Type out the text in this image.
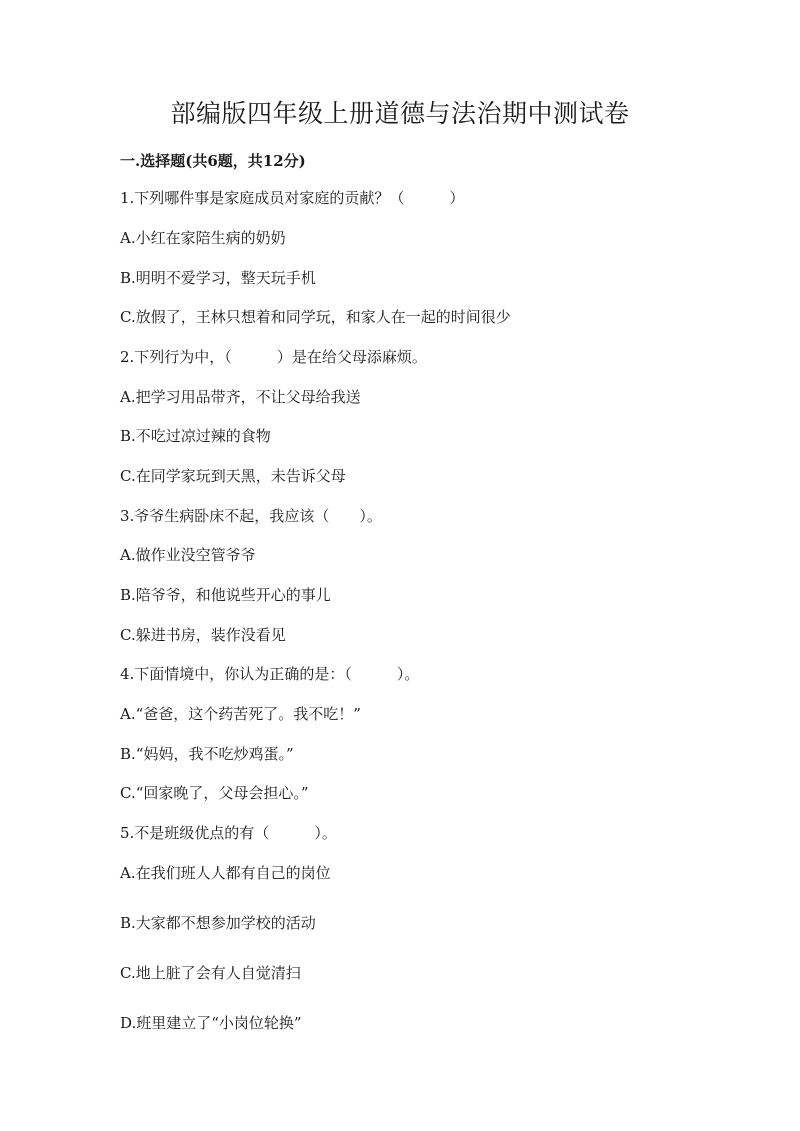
部编版四年级上册道德与法治期中测试卷
一.选择题(共6题，共12分)
1.下列哪件事是家庭成员对家庭的贡献？（　　　）
A.小红在家陪生病的奶奶
B.明明不爱学习，整天玩手机
C.放假了，王林只想着和同学玩，和家人在一起的时间很少
2.下列行为中，（　　　）是在给父母添麻烦。
A.把学习用品带齐，不让父母给我送
B.不吃过凉过辣的食物
C.在同学家玩到天黑，未告诉父母
3.爷爷生病卧床不起，我应该（　　）。
A.做作业没空管爷爷
B.陪爷爷，和他说些开心的事儿
C.躲进书房，装作没看见
4.下面情境中，你认为正确的是：（　　　）。
A.“爸爸，这个药苦死了。我不吃！”
B.“妈妈，我不吃炒鸡蛋。”
C.“回家晚了，父母会担心。”
5.不是班级优点的有（　　　）。
A.在我们班人人都有自己的岗位
B.大家都不想参加学校的活动
C.地上脏了会有人自觉清扫
D.班里建立了“小岗位轮换”
